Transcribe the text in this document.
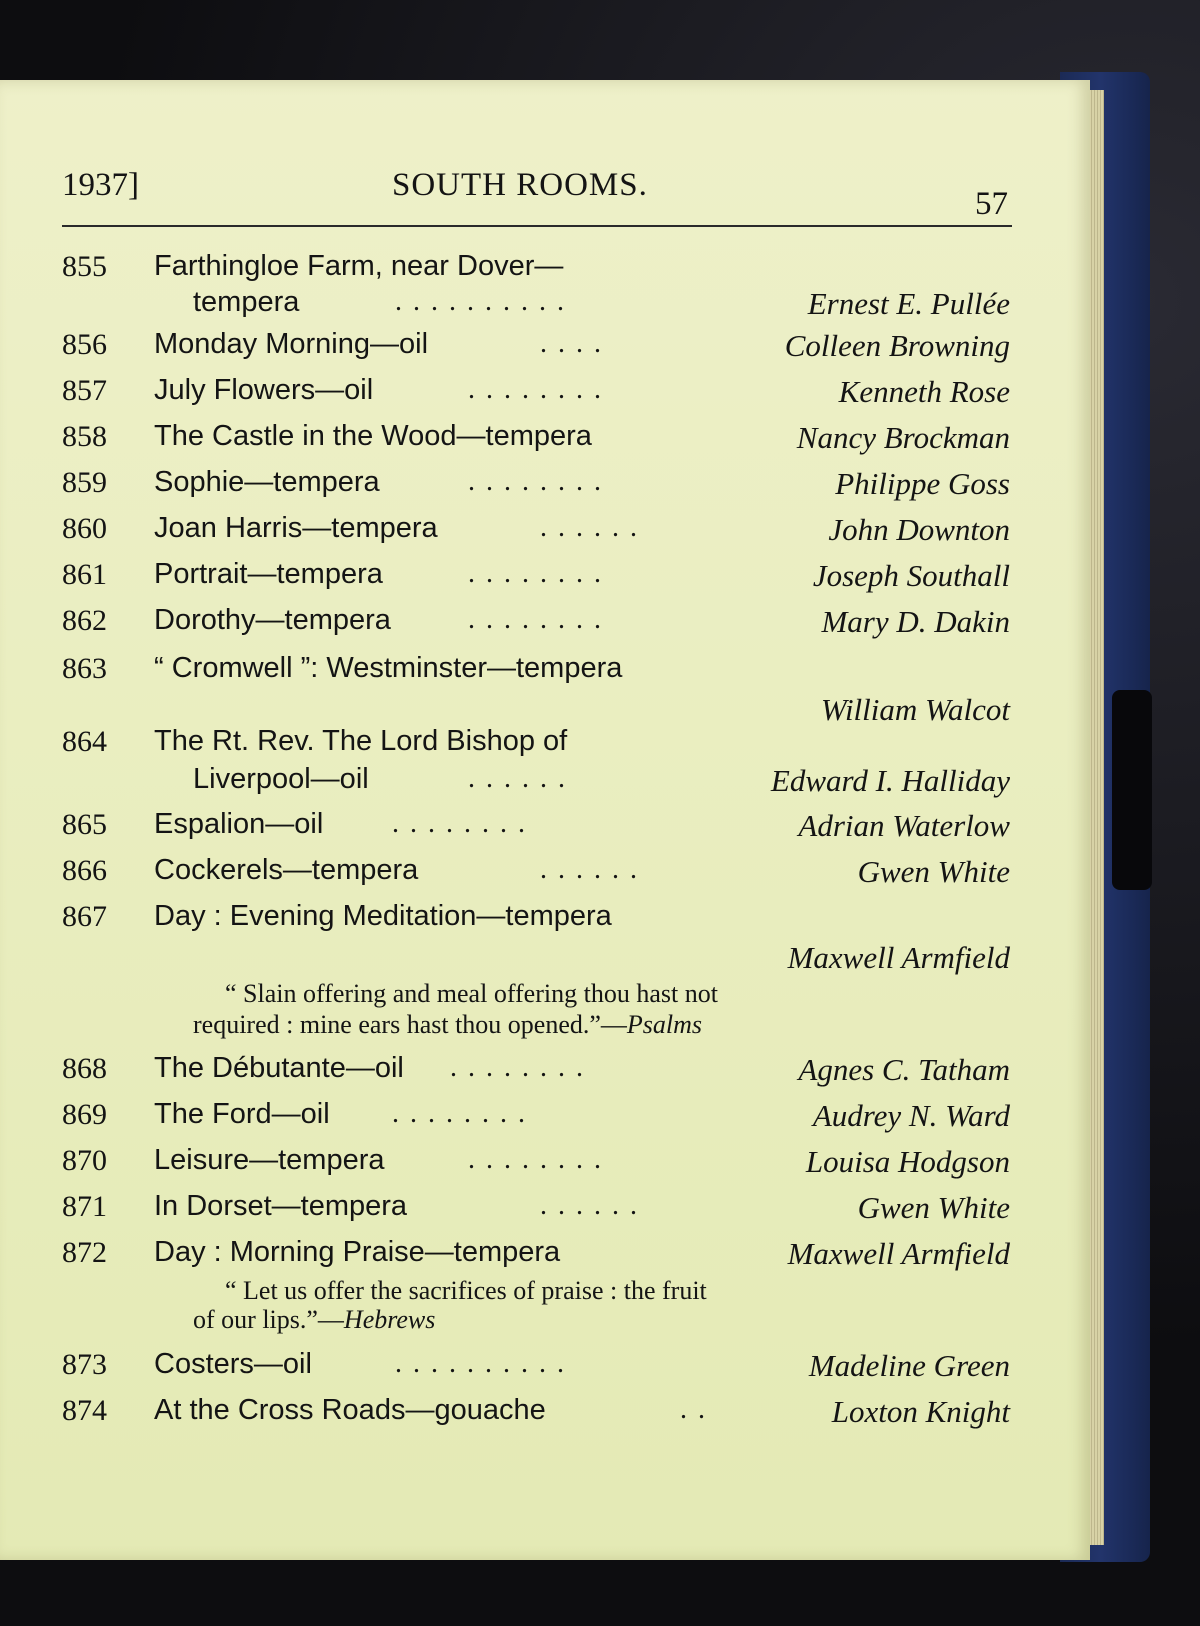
1937]	SOUTH ROOMS.
57
855 Farthingloe Farm, near Dover—
tempera	. . . . . . . . . .	Ernest E. Pullée
856 Monday Morning—oil	. . . .	Colleen Browning
857 July Flowers—oil	. . . . . . . .	Kenneth Rose
858 The Castle in the Wood—tempera	Nancy Brockman
859 Sophie—tempera	. . . . . . . .	Philippe Goss
860 Joan Harris—tempera	. . . . . .	John Downton
861 Portrait—tempera	. . . . . . . .	Joseph Southall
862 Dorothy—tempera	. . . . . . . .	Mary D. Dakin
863 “ Cromwell ”: Westminster—tempera
William Walcot
864 The Rt. Rev. The Lord Bishop of
Liverpool—oil	. . . . . .	Edward I. Halliday
865 Espalion—oil . . . . . . . .	Adrian Waterlow
866 Cockerels—tempera	. . . . . .	Gwen White
867 Day : Evening Meditation—tempera
Maxwell Armfield
“ Slain offering and meal offering thou hast not
required : mine ears hast thou opened.”—Psalms
868 The Débutante—oil . . . . . . . .	Agnes C. Tatham
869 The Ford—oil . . . . . . . .	Audrey N. Ward
870 Leisure—tempera	. . . . . . . .	Louisa Hodgson
871 In Dorset—tempera	. . . . . .	Gwen White
872 Day : Morning Praise—tempera	Maxwell Armfield
“ Let us offer the sacrifices of praise : the fruit
of our lips.”—Hebrews
873 Costers—oil	. . . . . . . . . .	Madeline Green
874 At the Cross Roads—gouache	. .	Loxton Knight
